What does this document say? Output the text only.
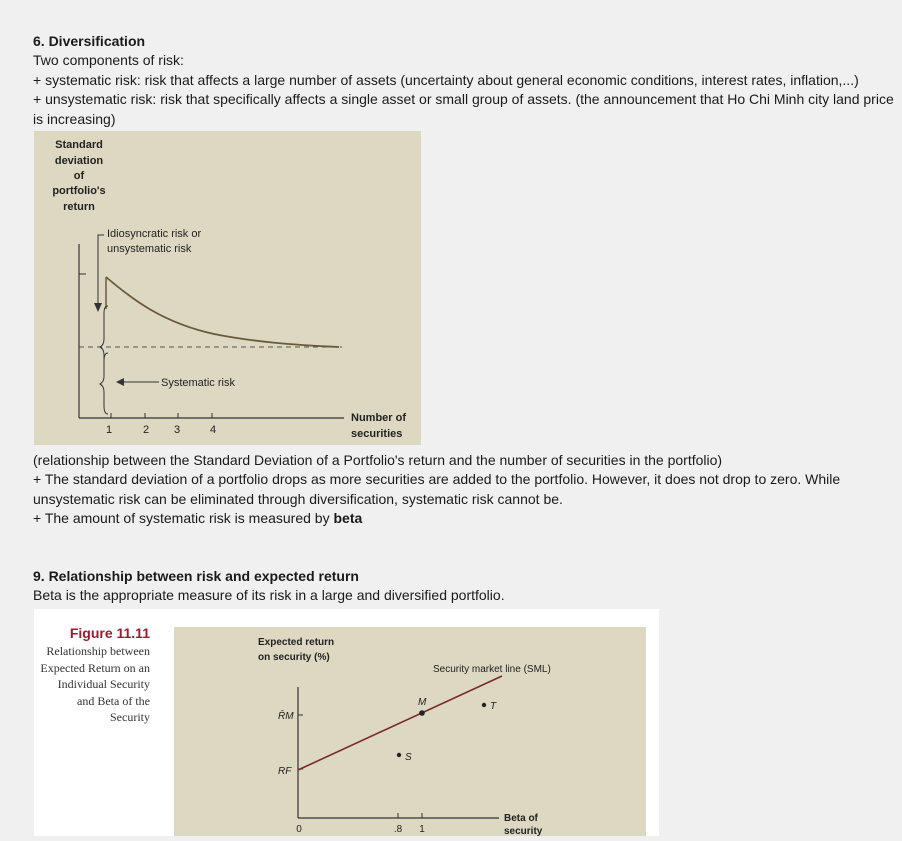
6. Diversification
Two components of risk:
+ systematic risk: risk that affects a large number of assets (uncertainty about general economic conditions, interest rates, inflation,...)
+ unsystematic risk: risk that specifically affects a single asset or small group of assets. (the announcement that Ho Chi Minh city land price is increasing)
Standard
deviation
of
portfolio's
return
1	2 3	4
Idiosyncratic risk or
unsystematic risk
Systematic risk
Number of
securities
(relationship between the Standard Deviation of a Portfolio's return and the number of securities in the portfolio)
+ The standard deviation of a portfolio drops as more securities are added to the portfolio. However, it does not drop to zero. While unsystematic risk can be eliminated through diversification, systematic risk cannot be.
+ The amount of systematic risk is measured by beta
9. Relationship between risk and expected return
Beta is the appropriate measure of its risk in a large and diversified portfolio.
Figure 11.11
Relationship between Expected Return on an Individual Security and Beta of the Security
Expected return
on security (%)
R̄M
RF
0	.8 1
Security market line (SML)
M	T
S
Beta of
security
